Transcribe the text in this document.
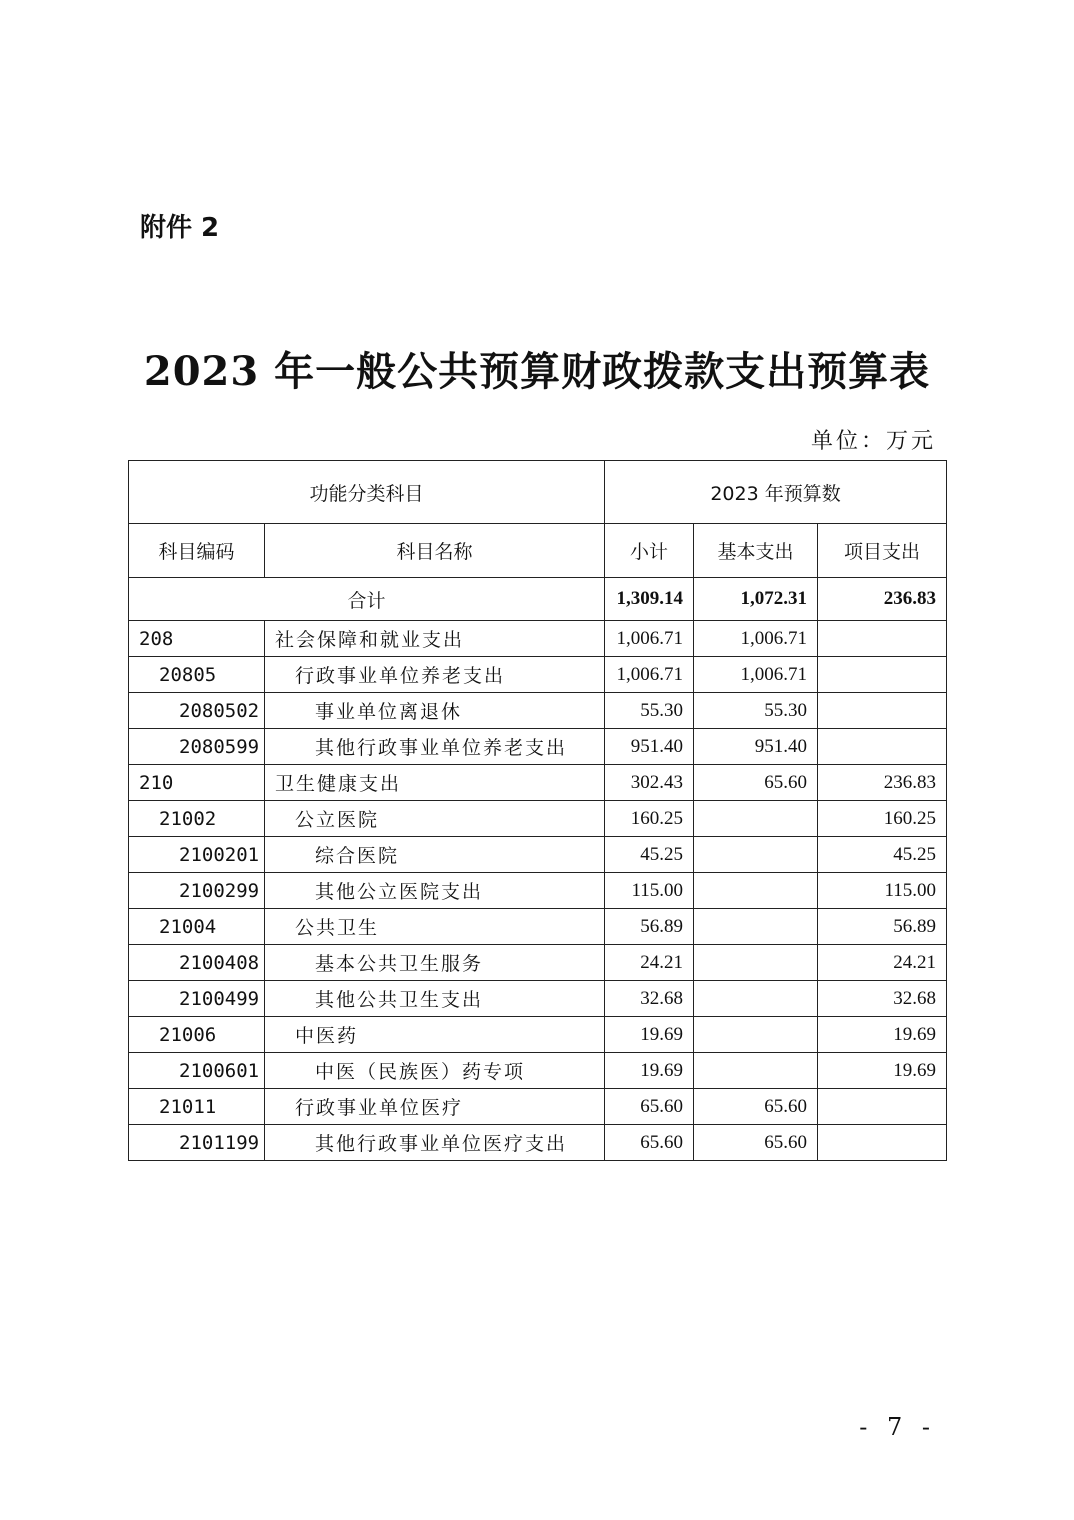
附件 2
2023 年一般公共预算财政拨款支出预算表
单位：万元
功能分类科目		2023 年预算数		
科目编码	科目名称	小计	基本支出	项目支出
合计		1,309.14	1,072.31	236.83
208	社会保障和就业支出	1,006.71	1,006.71	
20805	行政事业单位养老支出	1,006.71	1,006.71	
2080502	事业单位离退休	55.30	55.30	
2080599	其他行政事业单位养老支出	951.40	951.40	
210	卫生健康支出	302.43	65.60	236.83
21002	公立医院	160.25		160.25
2100201	综合医院	45.25		45.25
2100299	其他公立医院支出	115.00		115.00
21004	公共卫生	56.89		56.89
2100408	基本公共卫生服务	24.21		24.21
2100499	其他公共卫生支出	32.68		32.68
21006	中医药	19.69		19.69
2100601	中医（民族医）药专项	19.69		19.69
21011	行政事业单位医疗	65.60	65.60	
2101199	其他行政事业单位医疗支出	65.60	65.60	
- 7 -
